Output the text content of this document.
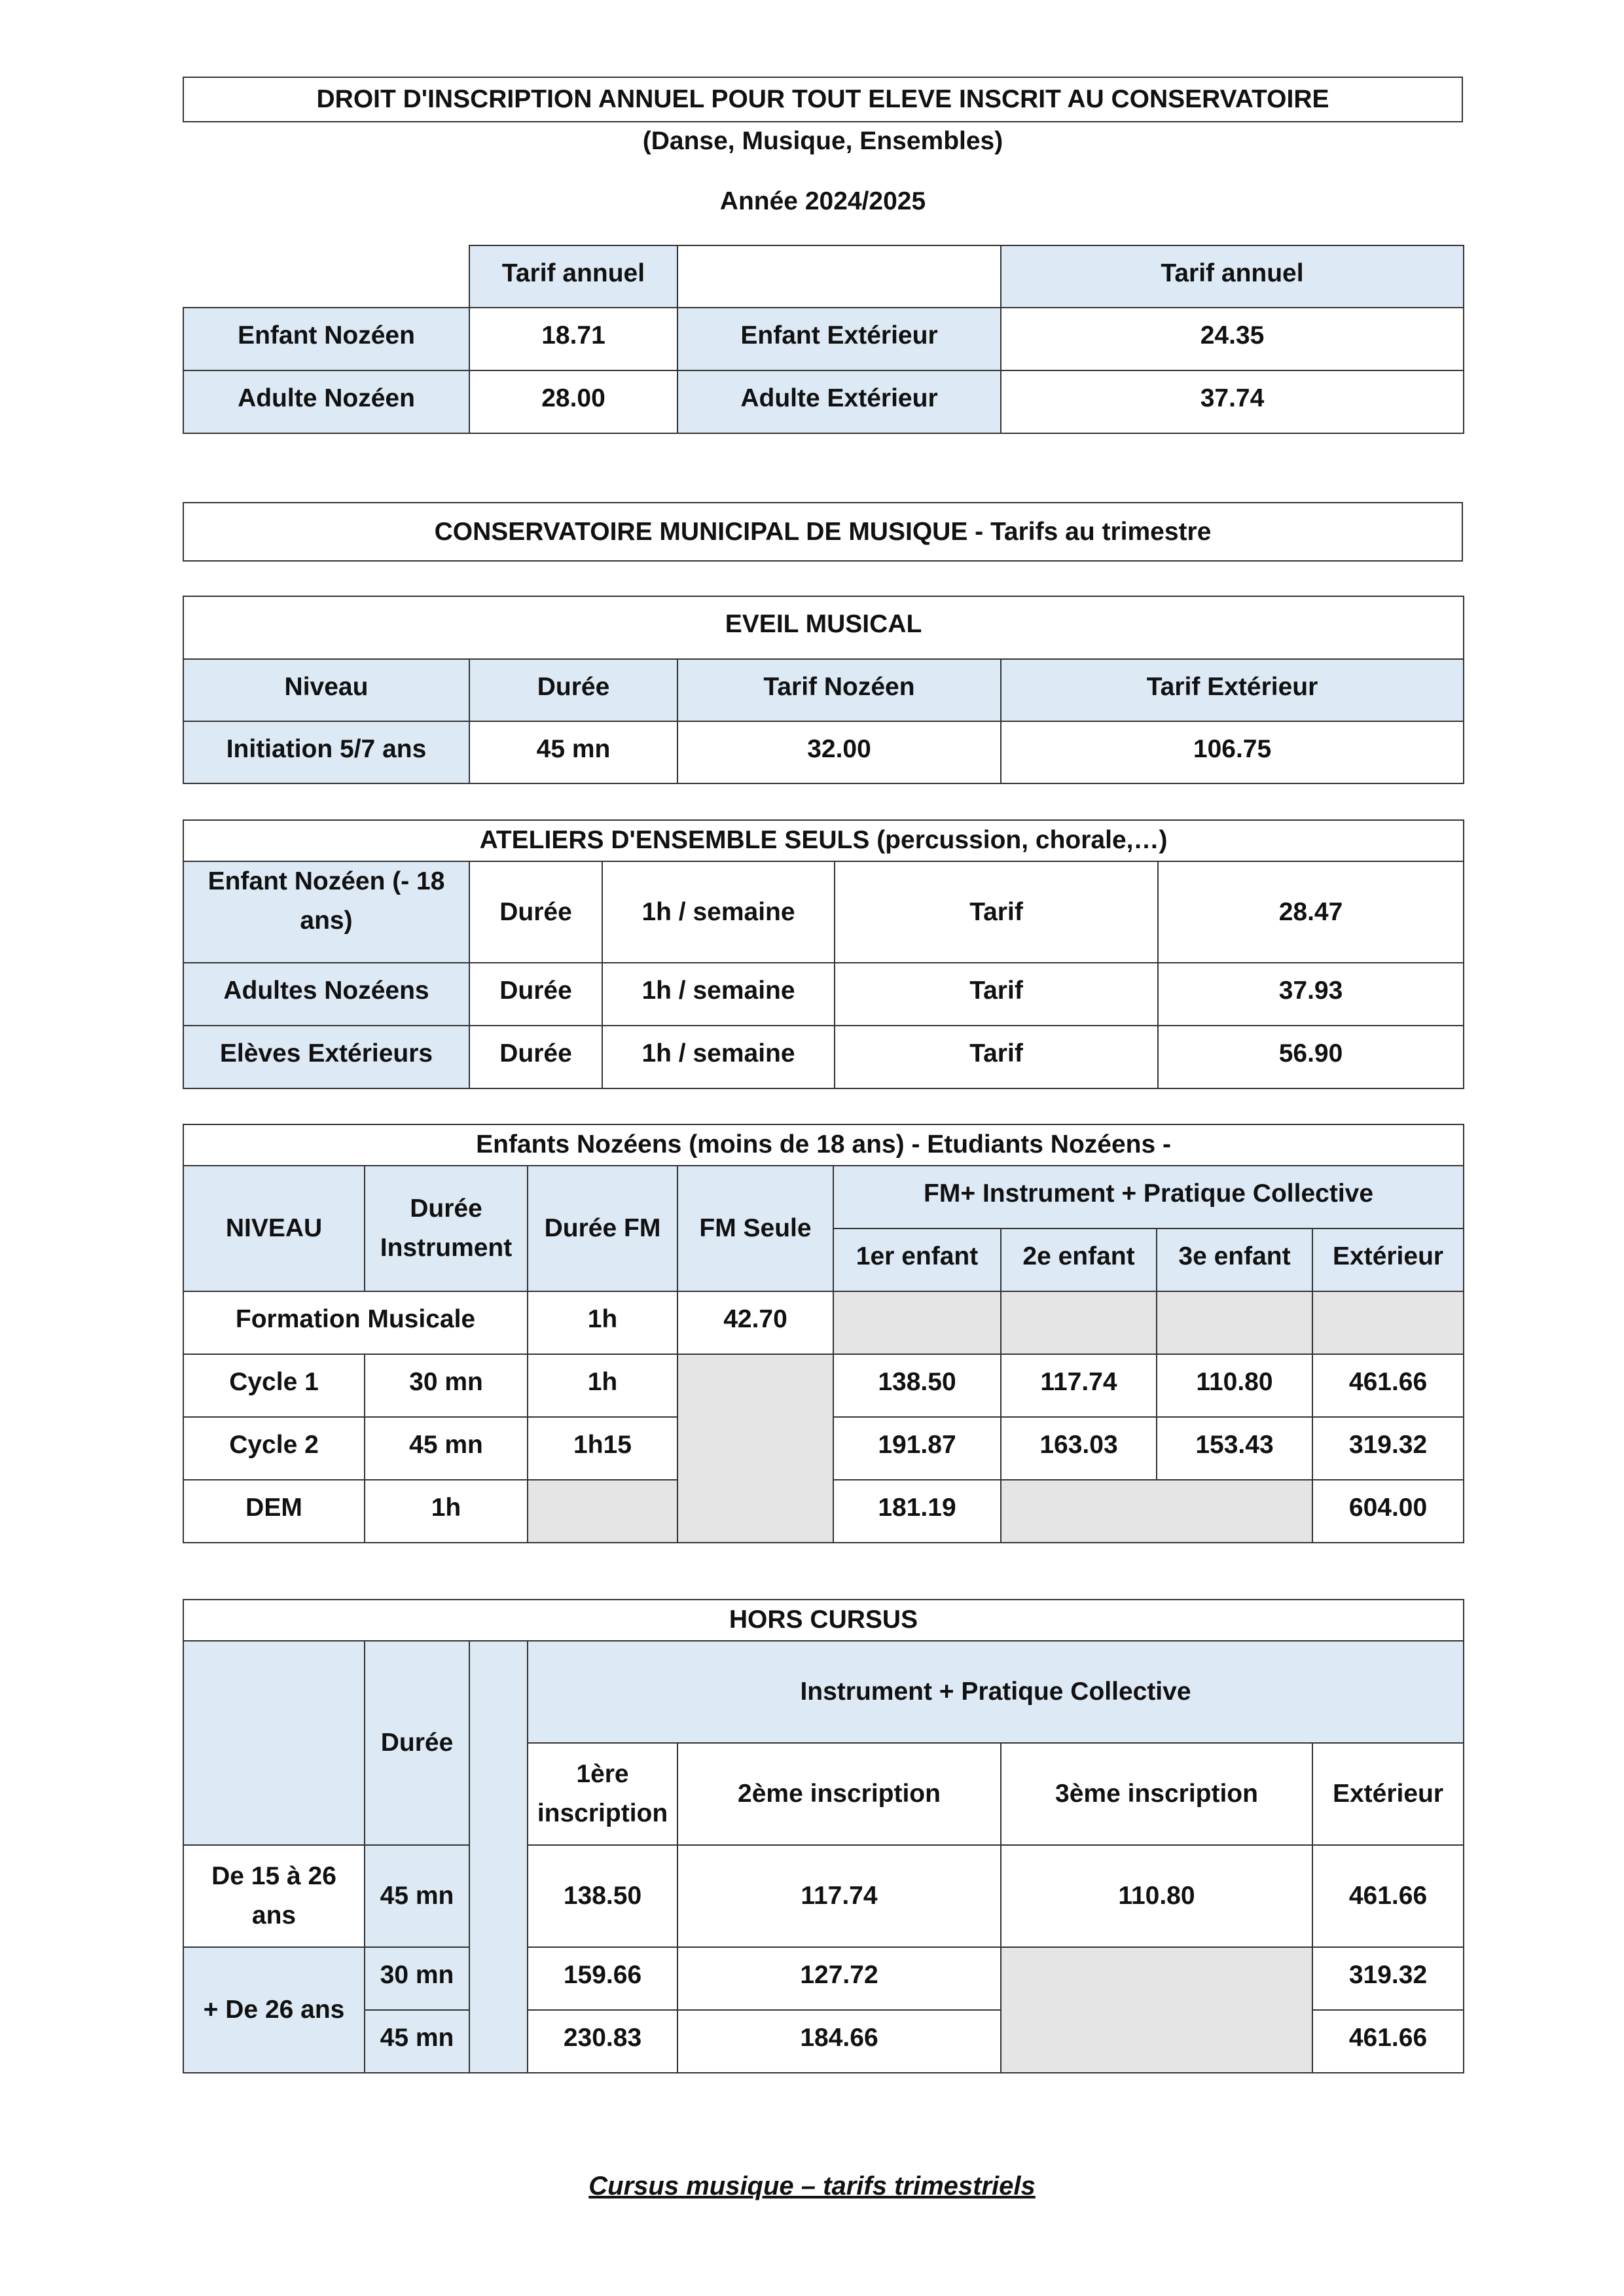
DROIT D'INSCRIPTION ANNUEL POUR TOUT ELEVE INSCRIT AU CONSERVATOIRE
(Danse, Musique, Ensembles)
Année 2024/2025
	Tarif annuel		Tarif annuel
Enfant Nozéen	18.71	Enfant Extérieur	24.35
Adulte Nozéen	28.00	Adulte Extérieur	37.74
CONSERVATOIRE MUNICIPAL DE MUSIQUE - Tarifs au trimestre
EVEIL MUSICAL			
Niveau	Durée	Tarif Nozéen	Tarif Extérieur
Initiation 5/7 ans	45 mn	32.00	106.75
ATELIERS D'ENSEMBLE SEULS (percussion, chorale,…)				
Enfant Nozéen (- 18 ans)	Durée	1h / semaine	Tarif	28.47
Adultes Nozéens	Durée	1h / semaine	Tarif	37.93
Elèves Extérieurs	Durée	1h / semaine	Tarif	56.90
Enfants Nozéens (moins de 18 ans) - Etudiants Nozéens -							
NIVEAU	Durée Instrument	Durée FM	FM Seule	FM+ Instrument + Pratique Collective			
				1er enfant	2e enfant	3e enfant	Extérieur
Formation Musicale		1h	42.70				
Cycle 1	30 mn	1h		138.50	117.74	110.80	461.66
Cycle 2	45 mn	1h15		191.87	163.03	153.43	319.32
DEM	1h			181.19			604.00
HORS CURSUS						
	Durée		Instrument + Pratique Collective			
			1ère inscription	2ème inscription	3ème inscription	Extérieur
De 15 à 26 ans	45 mn		138.50	117.74	110.80	461.66
+ De 26 ans	30 mn		159.66	127.72		319.32
	45 mn		230.83	184.66		461.66
Cursus musique – tarifs trimestriels
